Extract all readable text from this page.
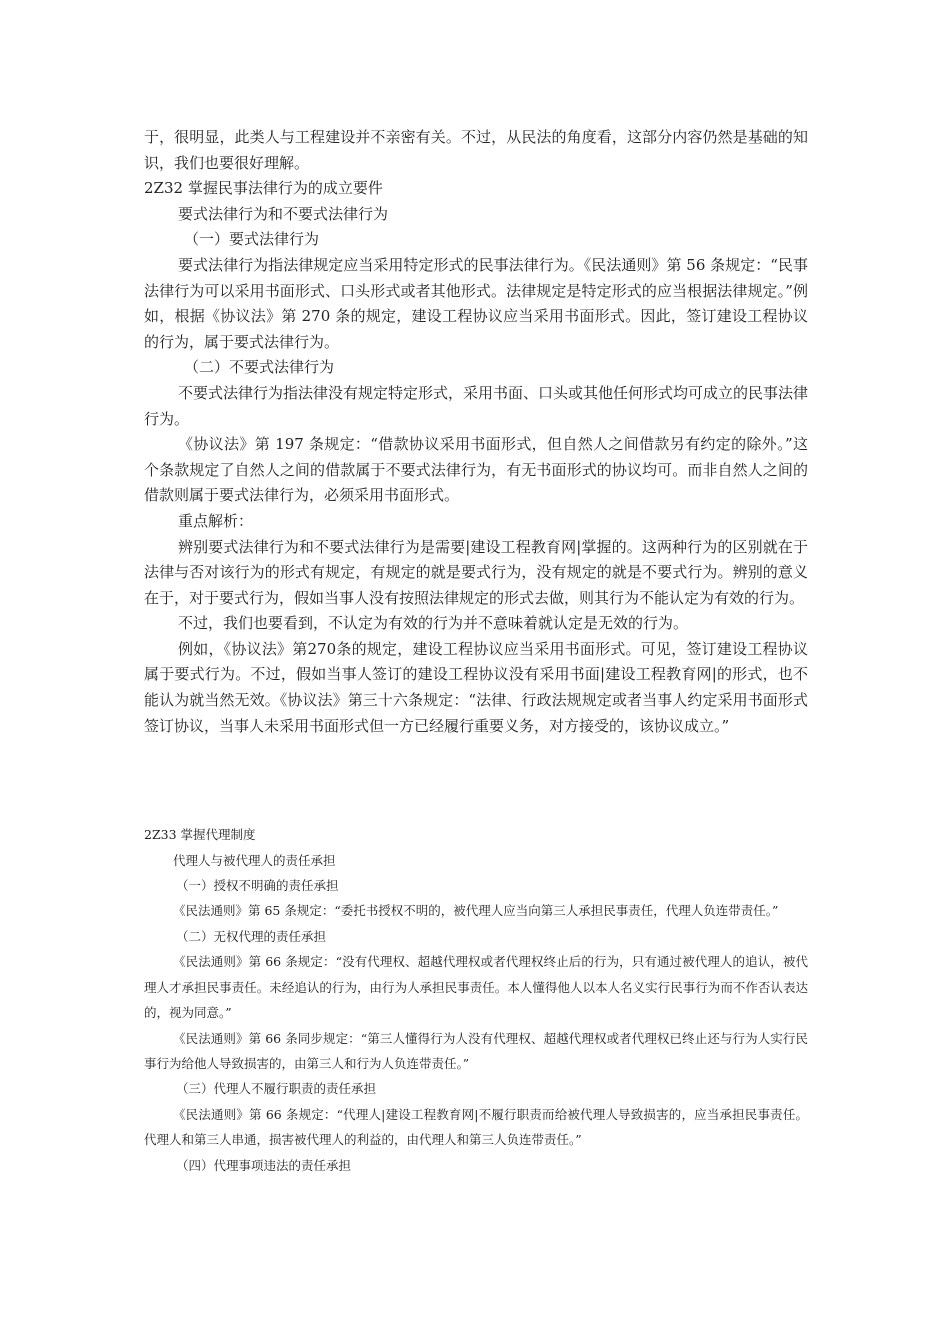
于，很明显，此类人与工程建设并不亲密有关。不过，从民法的角度看，这部分内容仍然是基础的知识，我们也要很好理解。

2Z32 掌握民事法律行为的成立要件

要式法律行为和不要式法律行为

（一）要式法律行为

要式法律行为指法律规定应当采用特定形式的民事法律行为。《民法通则》第 56 条规定：“民事法律行为可以采用书面形式、口头形式或者其他形式。法律规定是特定形式的应当根据法律规定。”例如，根据《协议法》第 270 条的规定，建设工程协议应当采用书面形式。因此，签订建设工程协议的行为，属于要式法律行为。

（二）不要式法律行为

不要式法律行为指法律没有规定特定形式，采用书面、口头或其他任何形式均可成立的民事法律行为。

《协议法》第 197 条规定：“借款协议采用书面形式，但自然人之间借款另有约定的除外。”这个条款规定了自然人之间的借款属于不要式法律行为，有无书面形式的协议均可。而非自然人之间的借款则属于要式法律行为，必须采用书面形式。

重点解析：

辨别要式法律行为和不要式法律行为是需要|建设工程教育网|掌握的。这两种行为的区别就在于法律与否对该行为的形式有规定，有规定的就是要式行为，没有规定的就是不要式行为。辨别的意义在于，对于要式行为，假如当事人没有按照法律规定的形式去做，则其行为不能认定为有效的行为。

不过，我们也要看到，不认定为有效的行为并不意味着就认定是无效的行为。

例如，《协议法》第270条的规定，建设工程协议应当采用书面形式。可见，签订建设工程协议属于要式行为。不过，假如当事人签订的建设工程协议没有采用书面|建设工程教育网|的形式，也不能认为就当然无效。《协议法》第三十六条规定：“法律、行政法规规定或者当事人约定采用书面形式签订协议，当事人未采用书面形式但一方已经履行重要义务，对方接受的，该协议成立。”

2Z33 掌握代理制度

代理人与被代理人的责任承担

（一）授权不明确的责任承担

《民法通则》第 65 条规定：“委托书授权不明的，被代理人应当向第三人承担民事责任，代理人负连带责任。”

（二）无权代理的责任承担

《民法通则》第 66 条规定：“没有代理权、超越代理权或者代理权终止后的行为，只有通过被代理人的追认，被代理人才承担民事责任。未经追认的行为，由行为人承担民事责任。本人懂得他人以本人名义实行民事行为而不作否认表达的，视为同意。”

《民法通则》第 66 条同步规定：“第三人懂得行为人没有代理权、超越代理权或者代理权已终止还与行为人实行民事行为给他人导致损害的，由第三人和行为人负连带责任。”

（三）代理人不履行职责的责任承担

《民法通则》第 66 条规定：“代理人|建设工程教育网|不履行职责而给被代理人导致损害的，应当承担民事责任。代理人和第三人串通，损害被代理人的利益的，由代理人和第三人负连带责任。”

（四）代理事项违法的责任承担
